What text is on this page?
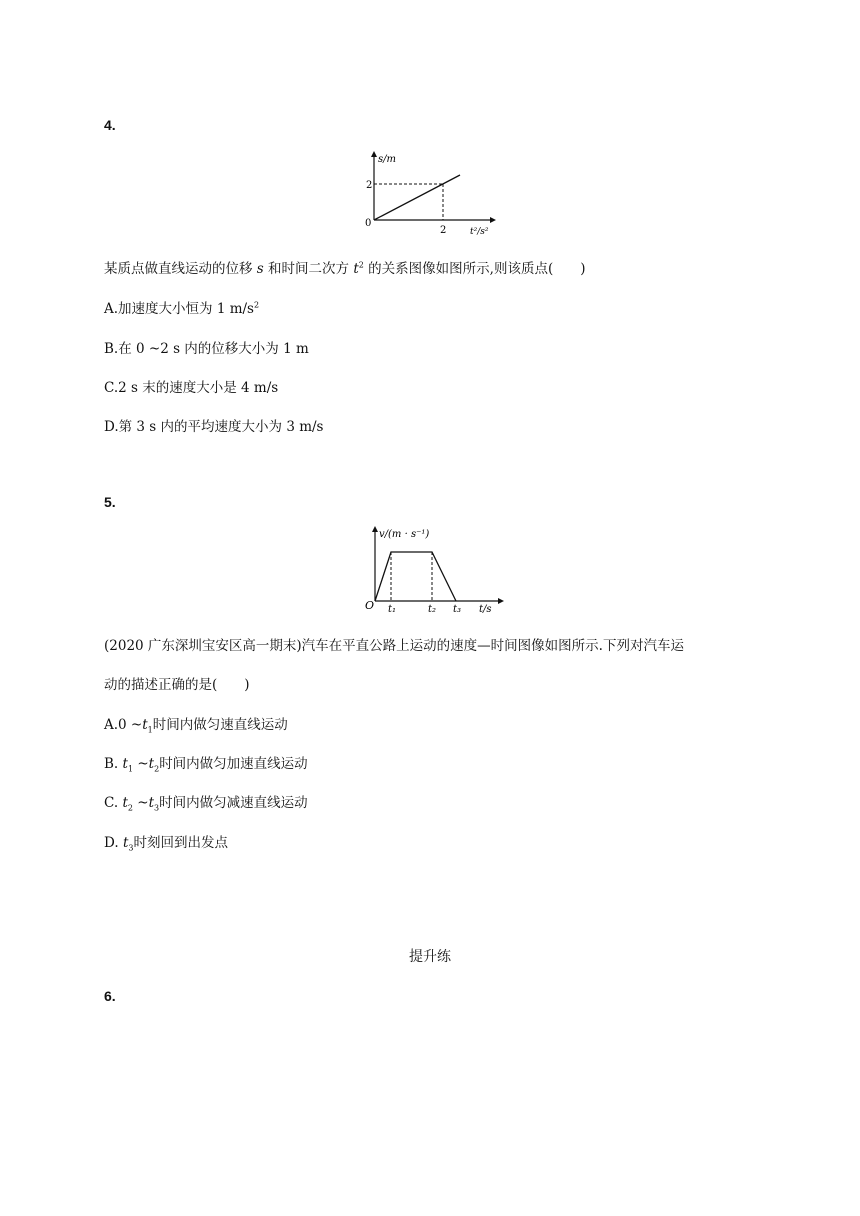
4.
s/m
2
0
2	t²/s²
某质点做直线运动的位移 s 和时间二次方 $t^2$ 的关系图像如图所示,则该质点(　　)
A.加速度大小恒为 1 $m/s^2$
B.在 0 ~2 s 内的位移大小为 1 m
C.2 s 末的速度大小是 4 m/s
D.第 3 s 内的平均速度大小为 3 m/s
5.
v/(m · s⁻¹)
O t₁	t₂ t₃ t/s
(2020 广东深圳宝安区高一期末)汽车在平直公路上运动的速度—时间图像如图所示.下列对汽车运
动的描述正确的是(　　)
A.0 $\sim t_1$时间内做匀速直线运动
B. $t_1$ $\sim t_2$时间内做匀加速直线运动
C. $t_2$ $\sim t_3$时间内做匀减速直线运动
D. $t_3$时刻回到出发点
提升练
6.
